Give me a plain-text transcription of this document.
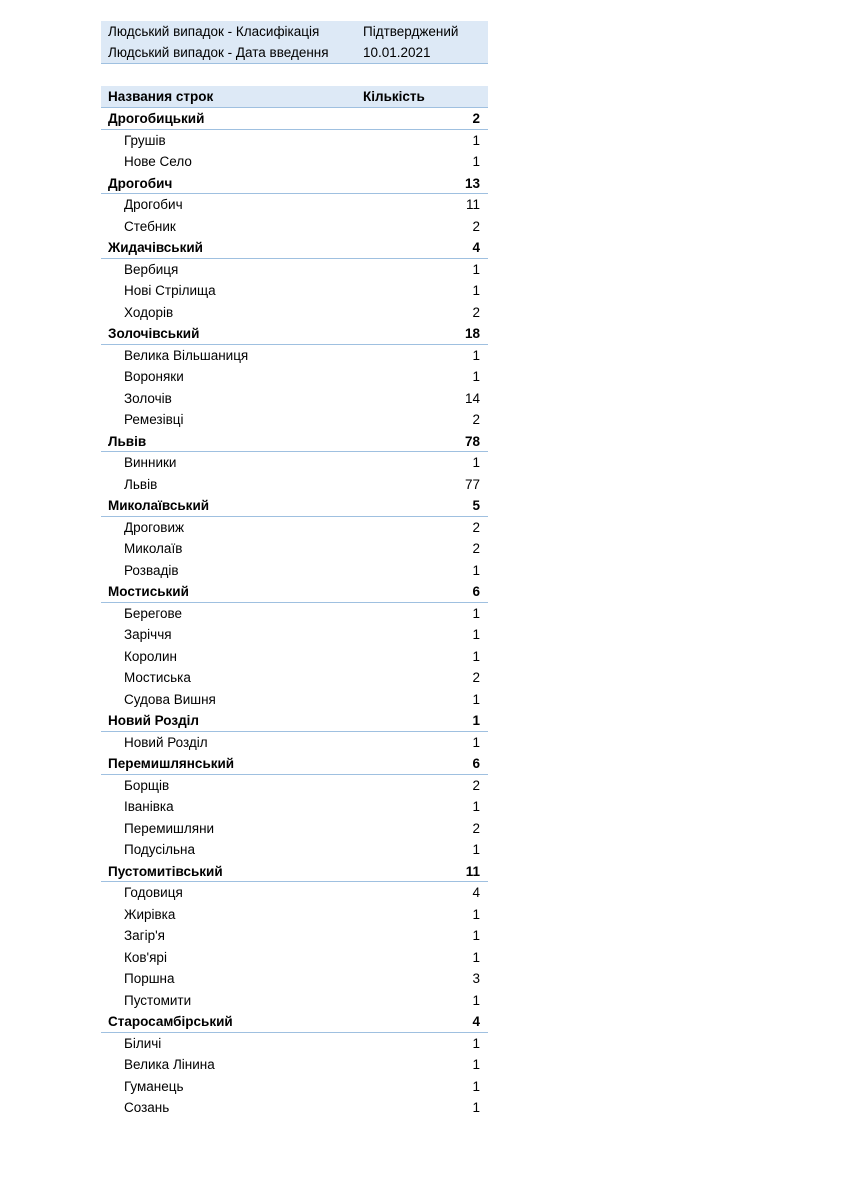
Людський випадок - Класифікація	Підтверджений
Людський випадок - Дата введення	10.01.2021
Названия строк	Кількість
Дрогобицький	2
Грушів	1
Нове Село	1
Дрогобич	13
Дрогобич	11
Стебник	2
Жидачівський	4
Вербиця	1
Нові Стрілища	1
Ходорів	2
Золочівський	18
Велика Вільшаниця	1
Вороняки	1
Золочів	14
Ремезівці	2
Львів	78
Винники	1
Львів	77
Миколаївський	5
Дроговиж	2
Миколаїв	2
Розвадів	1
Мостиський	6
Берегове	1
Заріччя	1
Королин	1
Мостиська	2
Судова Вишня	1
Новий Розділ	1
Новий Розділ	1
Перемишлянський	6
Борщів	2
Іванівка	1
Перемишляни	2
Подусільна	1
Пустомитівський	11
Годовиця	4
Жирівка	1
Загір'я	1
Ков'ярі	1
Поршна	3
Пустомити	1
Старосамбірський	4
Біличі	1
Велика Лінина	1
Гуманець	1
Созань	1
